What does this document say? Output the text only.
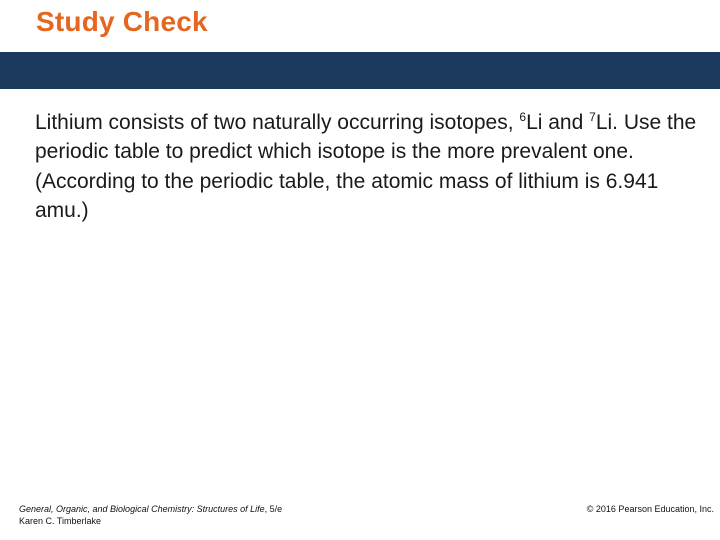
Study Check
Lithium consists of two naturally occurring isotopes, $^6$Li and $^7$Li. Use the periodic table to predict which isotope is the more prevalent one. (According to the periodic table, the atomic mass of lithium is 6.941 amu.)
General, Organic, and Biological Chemistry: Structures of Life, 5/e
Karen C. Timberlake
© 2016 Pearson Education, Inc.
